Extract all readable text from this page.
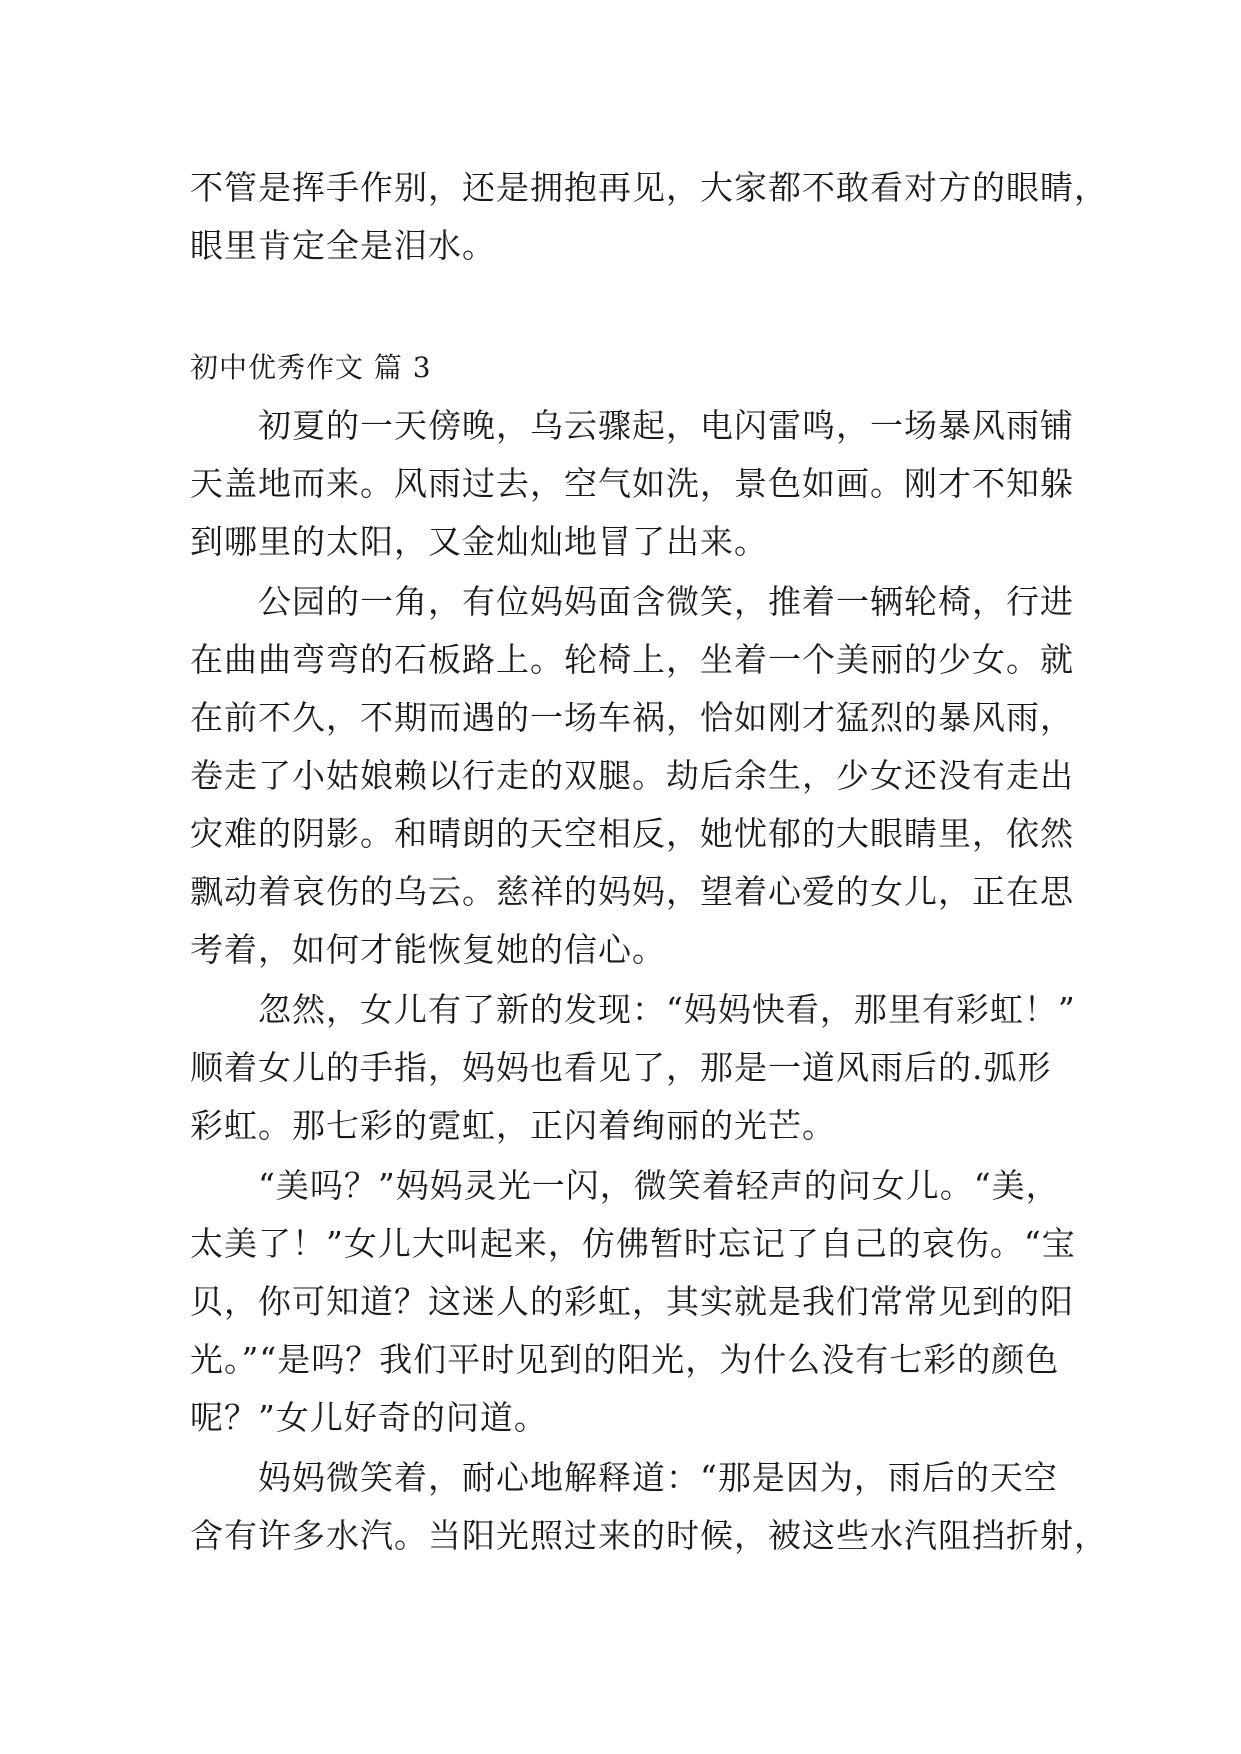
不管是挥手作别，还是拥抱再见，大家都不敢看对方的眼睛，
眼里肯定全是泪水。
初中优秀作文 篇 3
初夏的一天傍晚，乌云骤起，电闪雷鸣，一场暴风雨铺
天盖地而来。风雨过去，空气如洗，景色如画。刚才不知躲
到哪里的太阳，又金灿灿地冒了出来。
公园的一角，有位妈妈面含微笑，推着一辆轮椅，行进
在曲曲弯弯的石板路上。轮椅上，坐着一个美丽的少女。就
在前不久，不期而遇的一场车祸，恰如刚才猛烈的暴风雨，
卷走了小姑娘赖以行走的双腿。劫后余生，少女还没有走出
灾难的阴影。和晴朗的天空相反，她忧郁的大眼睛里，依然
飘动着哀伤的乌云。慈祥的妈妈，望着心爱的女儿，正在思
考着，如何才能恢复她的信心。
忽然，女儿有了新的发现：“妈妈快看，那里有彩虹！”
顺着女儿的手指，妈妈也看见了，那是一道风雨后的.弧形
彩虹。那七彩的霓虹，正闪着绚丽的光芒。
“美吗？”妈妈灵光一闪，微笑着轻声的问女儿。“美，
太美了！”女儿大叫起来，仿佛暂时忘记了自己的哀伤。“宝
贝，你可知道？这迷人的彩虹，其实就是我们常常见到的阳
光。”“是吗？我们平时见到的阳光，为什么没有七彩的颜色
呢？”女儿好奇的问道。
妈妈微笑着，耐心地解释道：“那是因为，雨后的天空
含有许多水汽。当阳光照过来的时候，被这些水汽阻挡折射，
